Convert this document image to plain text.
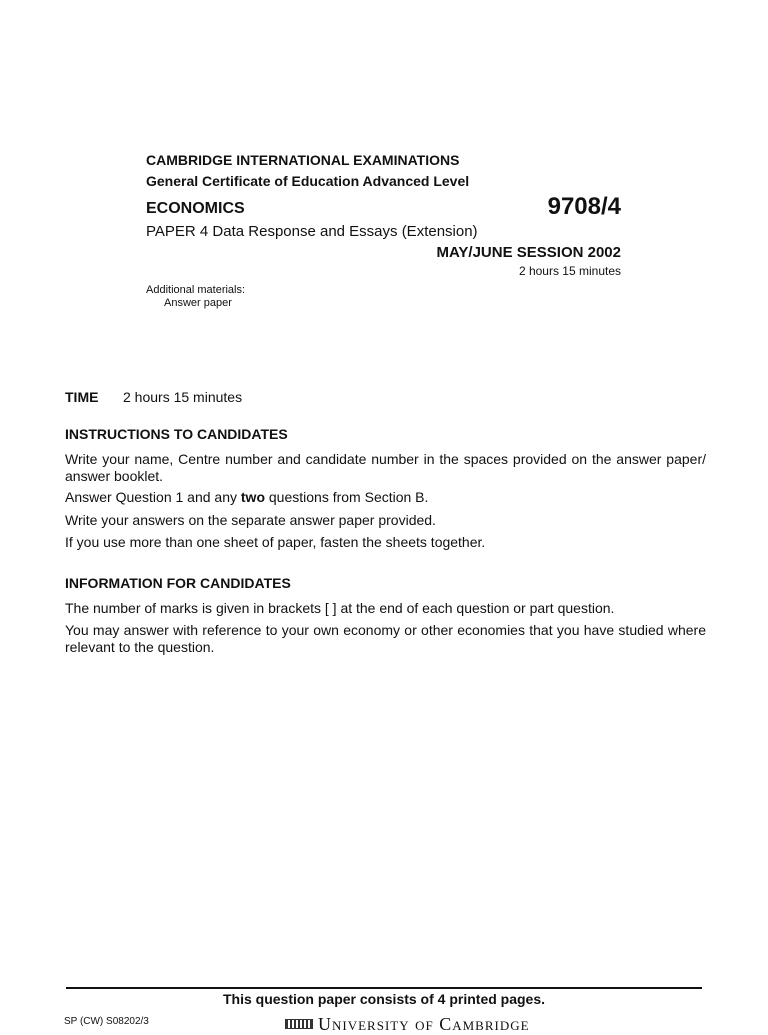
CAMBRIDGE INTERNATIONAL EXAMINATIONS
General Certificate of Education Advanced Level
ECONOMICS	9708/4
PAPER 4 Data Response and Essays (Extension)
MAY/JUNE SESSION 2002
2 hours 15 minutes
Additional materials:
Answer paper
TIME 2 hours 15 minutes
INSTRUCTIONS TO CANDIDATES
Write your name, Centre number and candidate number in the spaces provided on the answer paper/ answer booklet.
Answer Question 1 and any two questions from Section B.
Write your answers on the separate answer paper provided.
If you use more than one sheet of paper, fasten the sheets together.
INFORMATION FOR CANDIDATES
The number of marks is given in brackets [ ] at the end of each question or part question.
You may answer with reference to your own economy or other economies that you have studied where relevant to the question.
This question paper consists of 4 printed pages.
SP (CW) S08202/3	University of Cambridge
